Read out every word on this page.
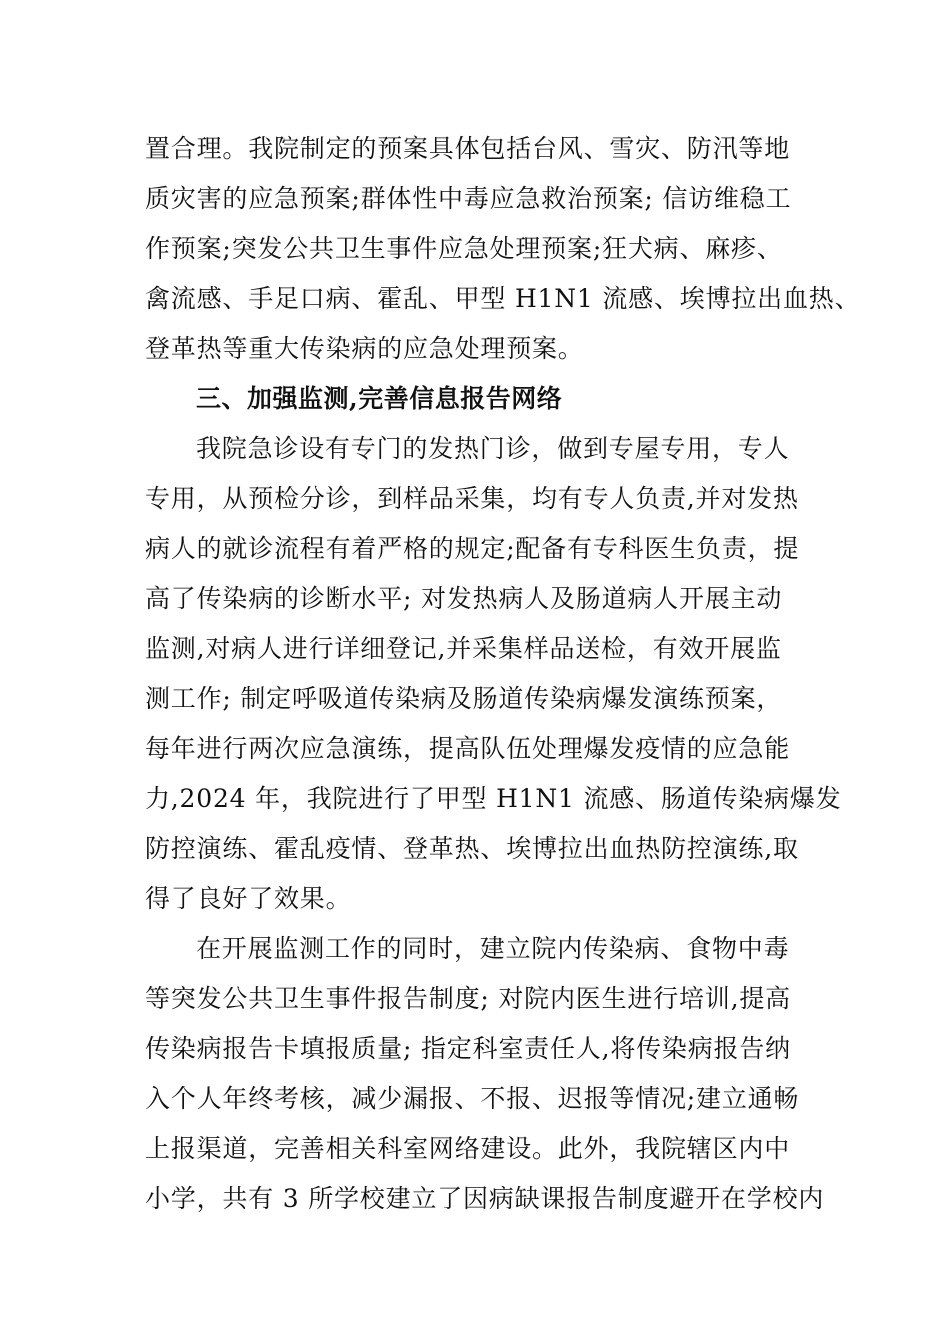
置合理。我院制定的预案具体包括台风、雪灾、防汛等地
质灾害的应急预案;群体性中毒应急救治预案; 信访维稳工
作预案;突发公共卫生事件应急处理预案;狂犬病、麻疹、
禽流感、手足口病、霍乱、甲型 H1N1 流感、埃博拉出血热、
登革热等重大传染病的应急处理预案。
三、加强监测,完善信息报告网络
我院急诊设有专门的发热门诊，做到专屋专用，专人
专用，从预检分诊，到样品采集，均有专人负责,并对发热
病人的就诊流程有着严格的规定;配备有专科医生负责，提
高了传染病的诊断水平; 对发热病人及肠道病人开展主动
监测,对病人进行详细登记,并采集样品送检，有效开展监
测工作; 制定呼吸道传染病及肠道传染病爆发演练预案，
每年进行两次应急演练，提高队伍处理爆发疫情的应急能
力,2024 年，我院进行了甲型 H1N1 流感、肠道传染病爆发
防控演练、霍乱疫情、登革热、埃博拉出血热防控演练,取
得了良好了效果。
在开展监测工作的同时，建立院内传染病、食物中毒
等突发公共卫生事件报告制度; 对院内医生进行培训,提高
传染病报告卡填报质量; 指定科室责任人,将传染病报告纳
入个人年终考核，减少漏报、不报、迟报等情况;建立通畅
上报渠道，完善相关科室网络建设。此外，我院辖区内中
小学，共有 3 所学校建立了因病缺课报告制度避开在学校内
